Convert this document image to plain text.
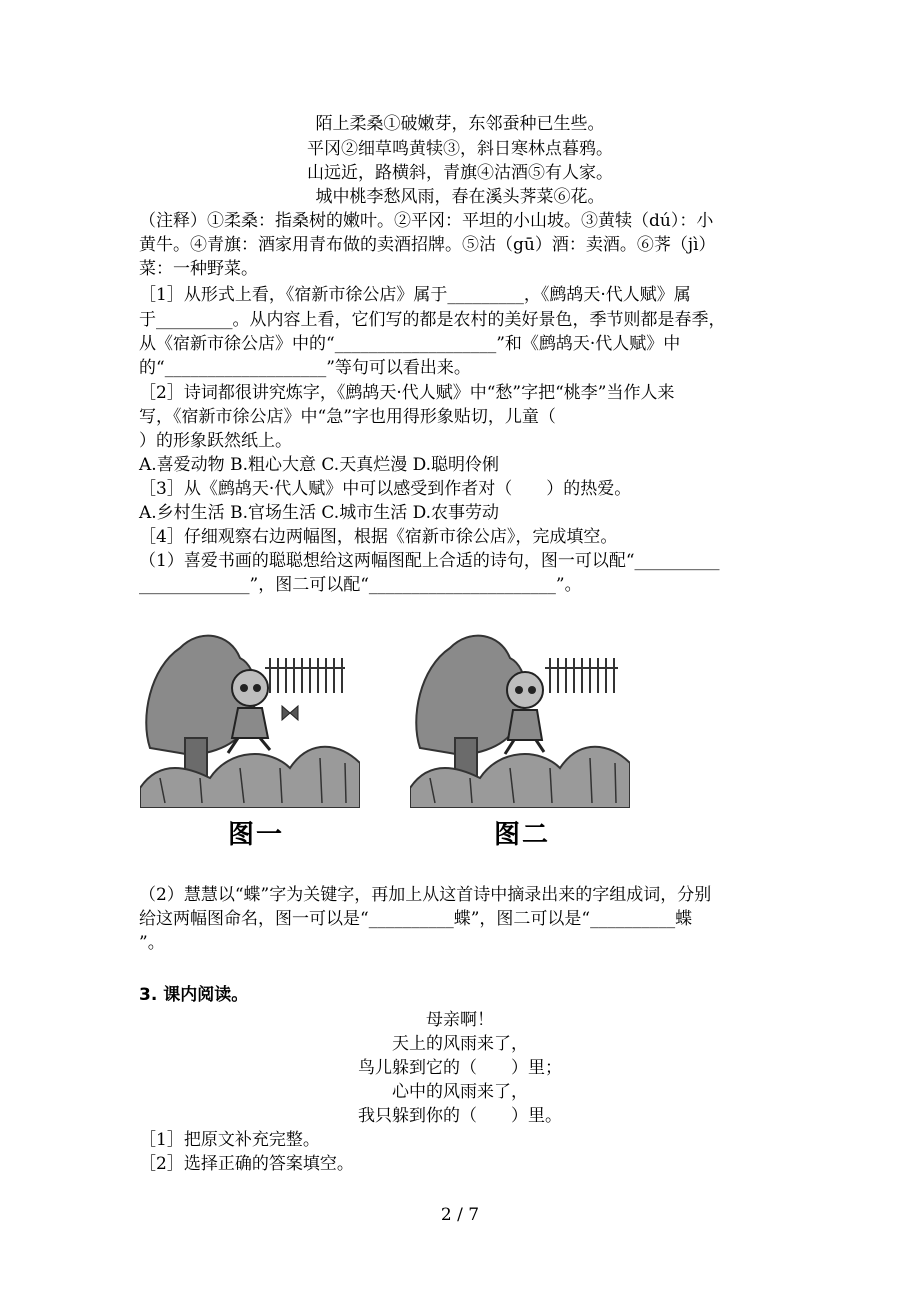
陌上柔桑①破嫩芽，东邻蚕种已生些。
平冈②细草鸣黄犊③，斜日寒林点暮鸦。
山远近，路横斜，青旗④沽酒⑤有人家。
城中桃李愁风雨，春在溪头荠菜⑥花。
（注释）①柔桑：指桑树的嫩叶。②平冈：平坦的小山坡。③黄犊（dú）：小
黄牛。④青旗：酒家用青布做的卖酒招牌。⑤沽（gū）酒：卖酒。⑥荠（jì）
菜：一种野菜。
［1］从形式上看，《宿新市徐公店》属于_________，《鹧鸪天·代人赋》属
于_________。从内容上看，它们写的都是农村的美好景色，季节则都是春季，
从《宿新市徐公店》中的“___________________”和《鹧鸪天·代人赋》中
的“___________________”等句可以看出来。
［2］诗词都很讲究炼字，《鹧鸪天·代人赋》中“愁”字把“桃李”当作人来
写，《宿新市徐公店》中“急”字也用得形象贴切，儿童（
）的形象跃然纸上。
A.喜爱动物 B.粗心大意 C.天真烂漫 D.聪明伶俐
［3］从《鹧鸪天·代人赋》中可以感受到作者对（　　）的热爱。
A.乡村生活 B.官场生活 C.城市生活 D.农事劳动
［4］仔细观察右边两幅图，根据《宿新市徐公店》，完成填空。
（1）喜爱书画的聪聪想给这两幅图配上合适的诗句，图一可以配“__________
_____________”，图二可以配“______________________”。
图一	图二
（2）慧慧以“蝶”字为关键字，再加上从这首诗中摘录出来的字组成词，分别
给这两幅图命名，图一可以是“__________蝶”，图二可以是“__________蝶
”。
3. 课内阅读。
母亲啊！
天上的风雨来了，
鸟儿躲到它的（　　）里；
心中的风雨来了，
我只躲到你的（　　）里。
［1］把原文补充完整。
［2］选择正确的答案填空。
2 / 7
